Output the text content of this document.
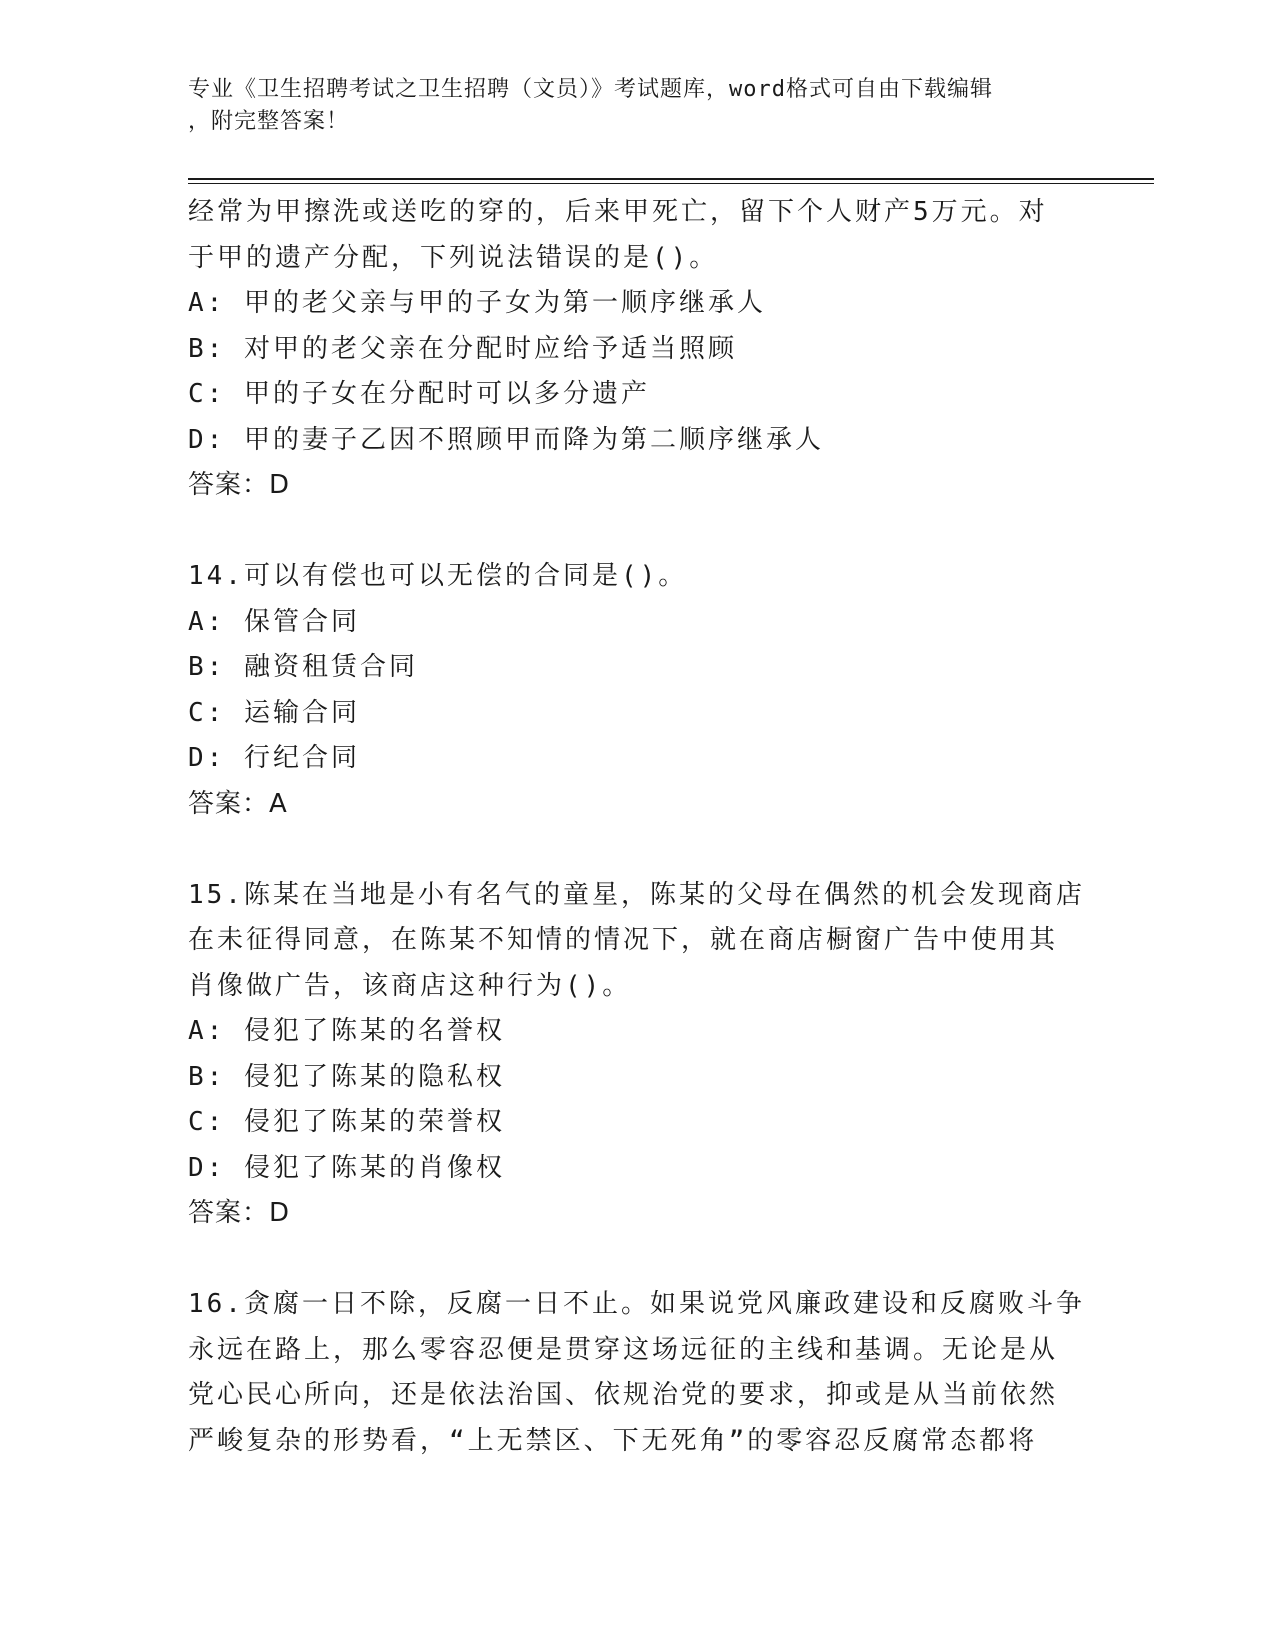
专业《卫生招聘考试之卫生招聘（文员）》考试题库，word格式可自由下载编辑
，附完整答案！
经常为甲擦洗或送吃的穿的，后来甲死亡，留下个人财产5万元。对
于甲的遗产分配，下列说法错误的是()。
A: 甲的老父亲与甲的子女为第一顺序继承人
B: 对甲的老父亲在分配时应给予适当照顾
C: 甲的子女在分配时可以多分遗产
D: 甲的妻子乙因不照顾甲而降为第二顺序继承人
答案：D
14.可以有偿也可以无偿的合同是()。
A: 保管合同
B: 融资租赁合同
C: 运输合同
D: 行纪合同
答案：A
15.陈某在当地是小有名气的童星，陈某的父母在偶然的机会发现商店
在未征得同意，在陈某不知情的情况下，就在商店橱窗广告中使用其
肖像做广告，该商店这种行为()。
A: 侵犯了陈某的名誉权
B: 侵犯了陈某的隐私权
C: 侵犯了陈某的荣誉权
D: 侵犯了陈某的肖像权
答案：D
16.贪腐一日不除，反腐一日不止。如果说党风廉政建设和反腐败斗争
永远在路上，那么零容忍便是贯穿这场远征的主线和基调。无论是从
党心民心所向，还是依法治国、依规治党的要求，抑或是从当前依然
严峻复杂的形势看，“上无禁区、下无死角”的零容忍反腐常态都将
